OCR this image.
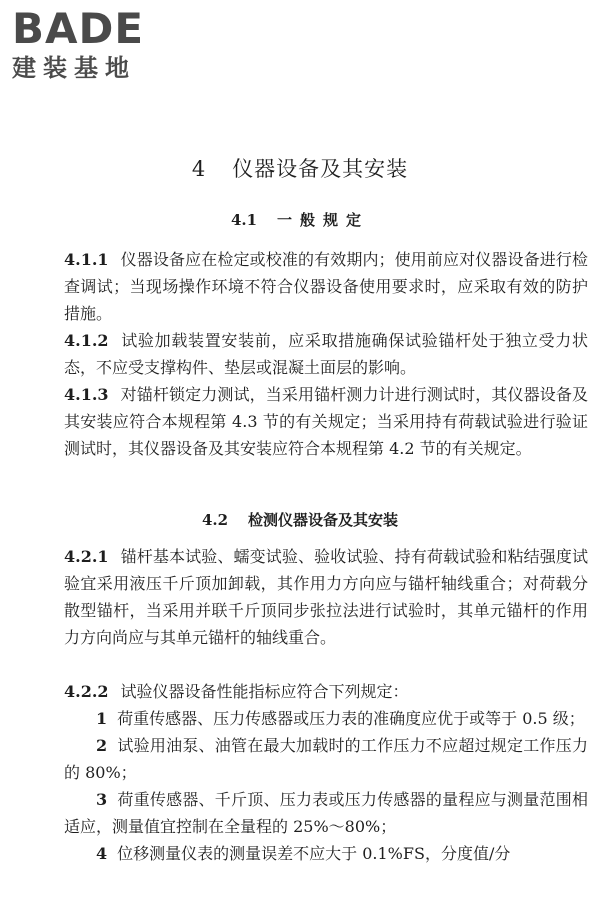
BADE
建装基地
4 仪器设备及其安装
4.1 一般规定
4.1.1 仪器设备应在检定或校准的有效期内；使用前应对仪器设备进行检查调试；当现场操作环境不符合仪器设备使用要求时，应采取有效的防护措施。
4.1.2 试验加载装置安装前，应采取措施确保试验锚杆处于独立受力状态，不应受支撑构件、垫层或混凝土面层的影响。
4.1.3 对锚杆锁定力测试，当采用锚杆测力计进行测试时，其仪器设备及其安装应符合本规程第 4.3 节的有关规定；当采用持有荷载试验进行验证测试时，其仪器设备及其安装应符合本规程第 4.2 节的有关规定。
4.2 检测仪器设备及其安装
4.2.1 锚杆基本试验、蠕变试验、验收试验、持有荷载试验和粘结强度试验宜采用液压千斤顶加卸载，其作用力方向应与锚杆轴线重合；对荷载分散型锚杆，当采用并联千斤顶同步张拉法进行试验时，其单元锚杆的作用力方向尚应与其单元锚杆的轴线重合。
4.2.2 试验仪器设备性能指标应符合下列规定：
1 荷重传感器、压力传感器或压力表的准确度应优于或等于 0.5 级；
2 试验用油泵、油管在最大加载时的工作压力不应超过规定工作压力的 80%；
3 荷重传感器、千斤顶、压力表或压力传感器的量程应与测量范围相适应，测量值宜控制在全量程的 25%～80%；
4 位移测量仪表的测量误差不应大于 0.1%FS，分度值/分
